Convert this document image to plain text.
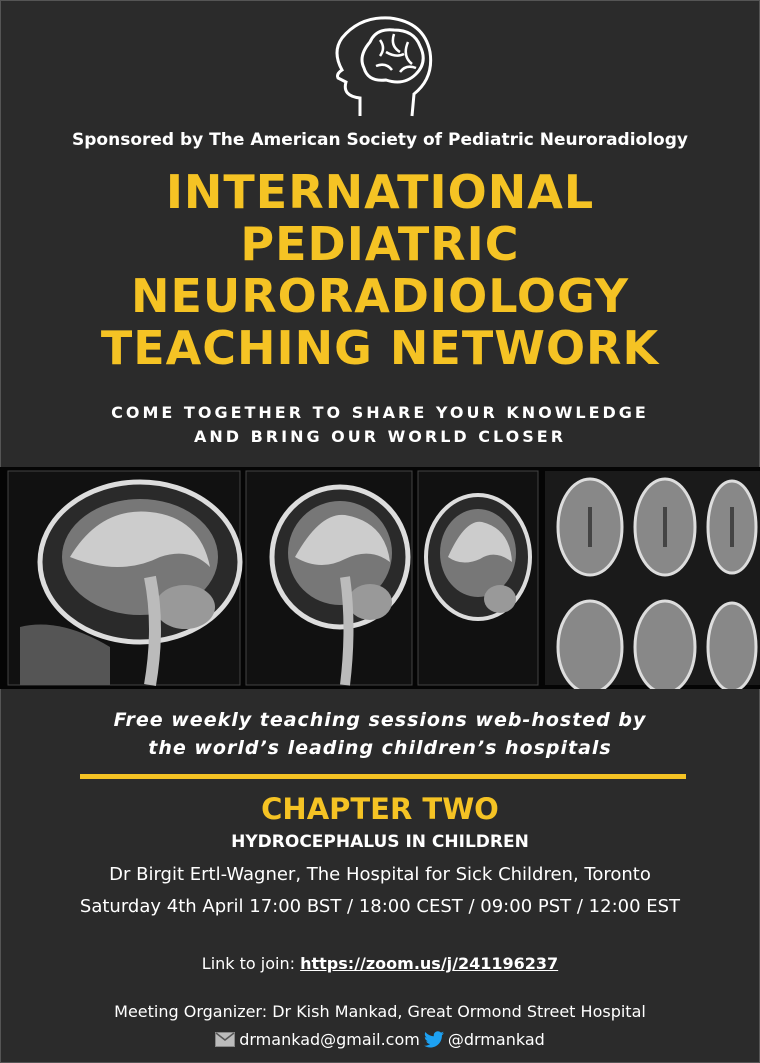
Sponsored by The American Society of Pediatric Neuroradiology
INTERNATIONAL
PEDIATRIC
NEURORADIOLOGY
TEACHING NETWORK
COME TOGETHER TO SHARE YOUR KNOWLEDGE
AND BRING OUR WORLD CLOSER
Free weekly teaching sessions web-hosted by
the world’s leading children’s hospitals
CHAPTER TWO
HYDROCEPHALUS IN CHILDREN
Dr Birgit Ertl-Wagner, The Hospital for Sick Children, Toronto
Saturday 4th April 17:00 BST / 18:00 CEST / 09:00 PST / 12:00 EST
Link to join: https://zoom.us/j/241196237
Meeting Organizer: Dr Kish Mankad, Great Ormond Street Hospital
drmankad@gmail.com @drmankad
